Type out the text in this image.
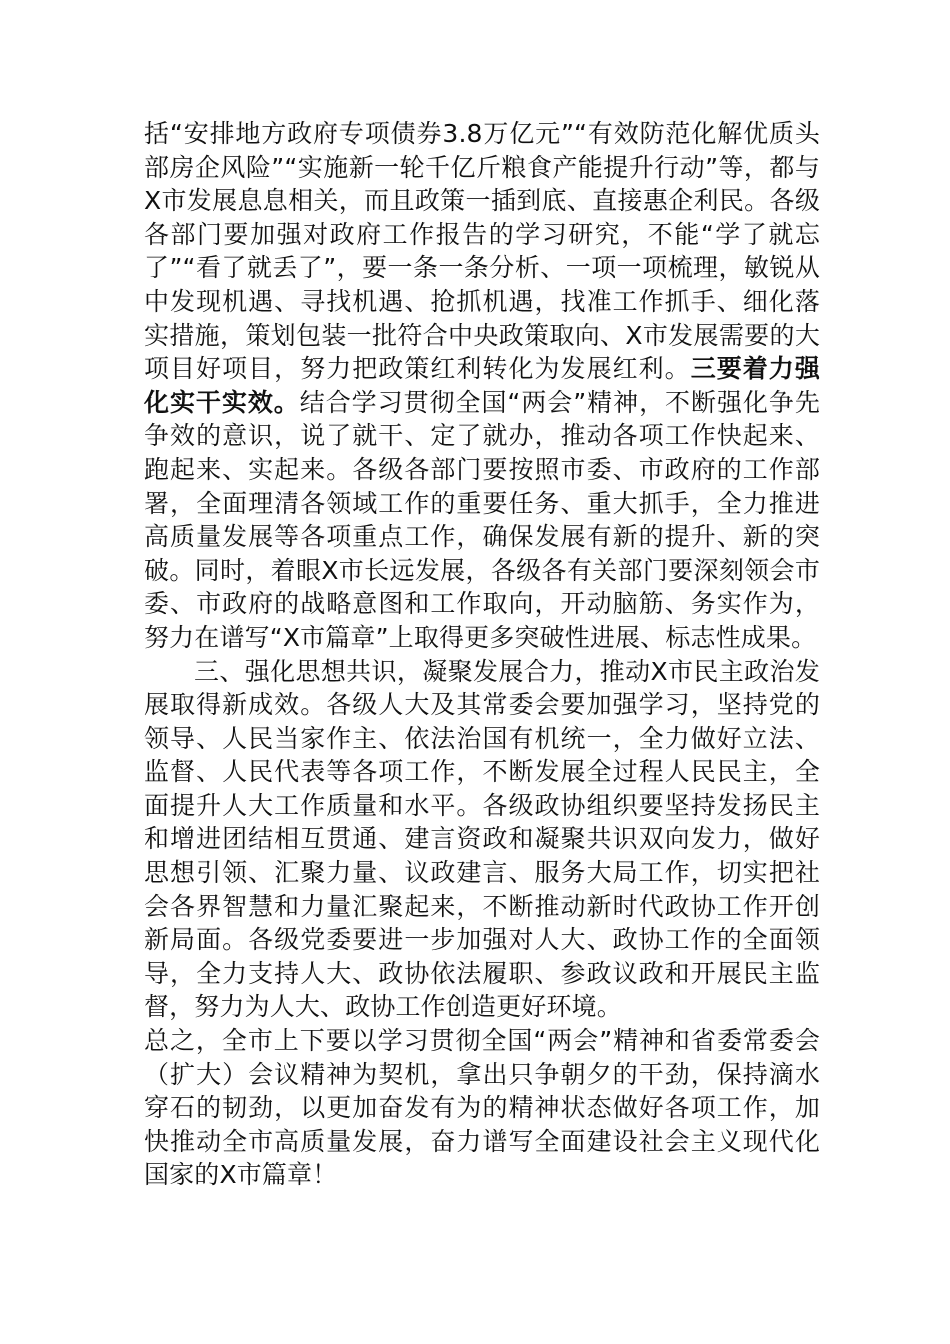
括“安排地方政府专项债券3.8万亿元”“有效防范化解优质头部房企风险”“实施新一轮千亿斤粮食产能提升行动”等，都与X市发展息息相关，而且政策一插到底、直接惠企利民。各级各部门要加强对政府工作报告的学习研究，不能“学了就忘了”“看了就丢了”，要一条一条分析、一项一项梳理，敏锐从中发现机遇、寻找机遇、抢抓机遇，找准工作抓手、细化落实措施，策划包装一批符合中央政策取向、X市发展需要的大项目好项目，努力把政策红利转化为发展红利。三要着力强化实干实效。结合学习贯彻全国“两会”精神，不断强化争先争效的意识，说了就干、定了就办，推动各项工作快起来、跑起来、实起来。各级各部门要按照市委、市政府的工作部署，全面理清各领域工作的重要任务、重大抓手，全力推进高质量发展等各项重点工作，确保发展有新的提升、新的突破。同时，着眼X市长远发展，各级各有关部门要深刻领会市委、市政府的战略意图和工作取向，开动脑筋、务实作为，努力在谱写“X市篇章”上取得更多突破性进展、标志性成果。

三、强化思想共识，凝聚发展合力，推动X市民主政治发展取得新成效。各级人大及其常委会要加强学习，坚持党的领导、人民当家作主、依法治国有机统一，全力做好立法、监督、人民代表等各项工作，不断发展全过程人民民主，全面提升人大工作质量和水平。各级政协组织要坚持发扬民主和增进团结相互贯通、建言资政和凝聚共识双向发力，做好思想引领、汇聚力量、议政建言、服务大局工作，切实把社会各界智慧和力量汇聚起来，不断推动新时代政协工作开创新局面。各级党委要进一步加强对人大、政协工作的全面领导，全力支持人大、政协依法履职、参政议政和开展民主监督，努力为人大、政协工作创造更好环境。

总之，全市上下要以学习贯彻全国“两会”精神和省委常委会（扩大）会议精神为契机，拿出只争朝夕的干劲，保持滴水穿石的韧劲，以更加奋发有为的精神状态做好各项工作，加快推动全市高质量发展，奋力谱写全面建设社会主义现代化国家的X市篇章！
